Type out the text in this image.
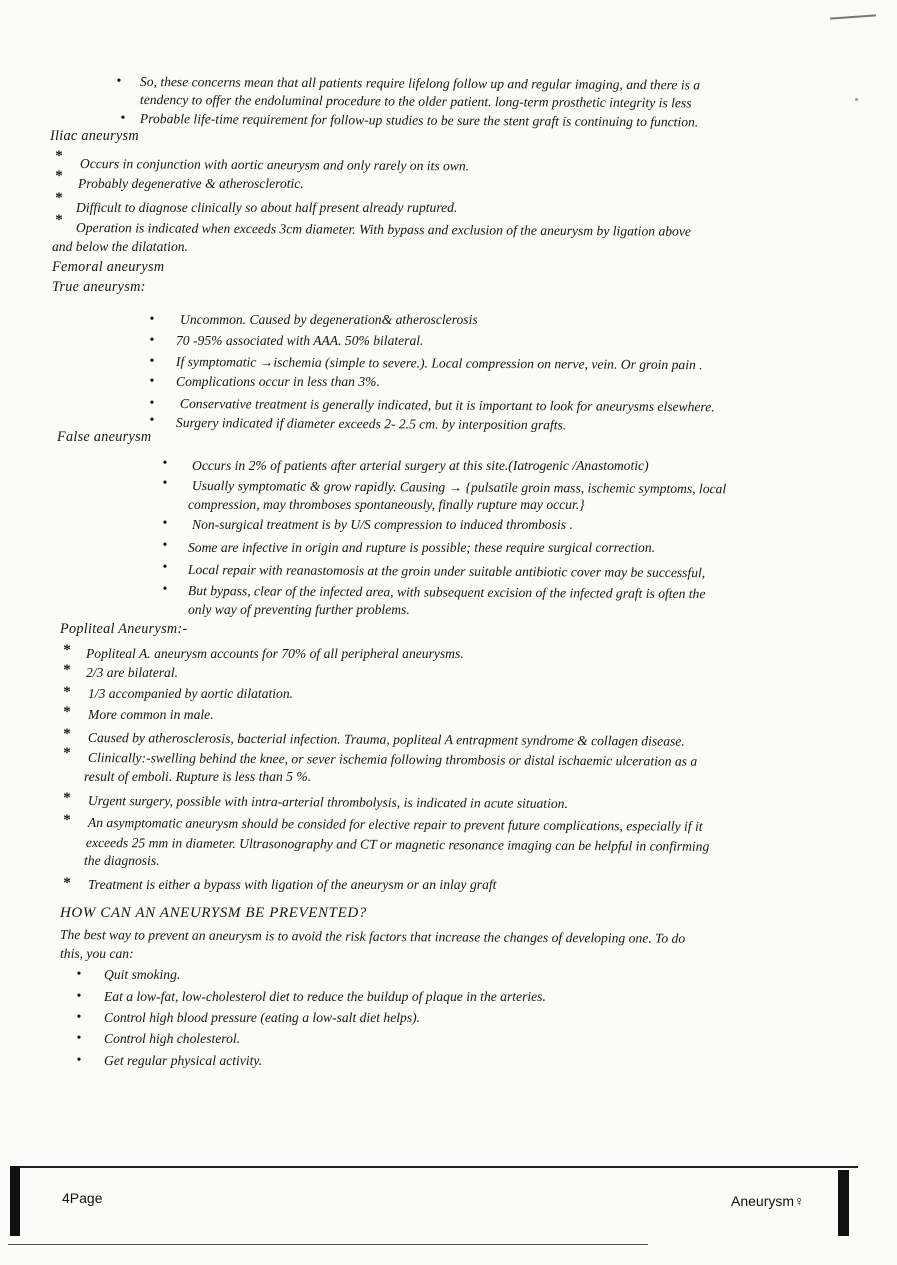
•	So, these concerns mean that all patients require lifelong follow up and regular imaging, and there is a
tendency to offer the endoluminal procedure to the older patient. long-term prosthetic integrity is less
•	Probable life-time requirement for follow-up studies to be sure the stent graft is continuing to function.
Iliac aneurysm
* Occurs in conjunction with aortic aneurysm and only rarely on its own.
* Probably degenerative & atherosclerotic.
*
Difficult to diagnose clinically so about half present already ruptured.
* Operation is indicated when exceeds 3cm diameter. With bypass and exclusion of the aneurysm by ligation above
and below the dilatation.
Femoral aneurysm
True aneurysm:
•	Uncommon. Caused by degeneration& atherosclerosis
•	70 -95% associated with AAA. 50% bilateral.
•	If symptomatic →ischemia (simple to severe.). Local compression on nerve, vein. Or groin pain .
•	Complications occur in less than 3%.
•	Conservative treatment is generally indicated, but it is important to look for aneurysms elsewhere.
•	Surgery indicated if diameter exceeds 2- 2.5 cm. by interposition grafts.
False aneurysm
•	Occurs in 2% of patients after arterial surgery at this site.(Iatrogenic /Anastomotic)
•	Usually symptomatic & grow rapidly. Causing → {pulsatile groin mass, ischemic symptoms, local
compression, may thromboses spontaneously, finally rupture may occur.}
•	Non-surgical treatment is by U/S compression to induced thrombosis .
•	Some are infective in origin and rupture is possible; these require surgical correction.
•	Local repair with reanastomosis at the groin under suitable antibiotic cover may be successful,
•	But bypass, clear of the infected area, with subsequent excision of the infected graft is often the
only way of preventing further problems.
Popliteal Aneurysm:-
* Popliteal A. aneurysm accounts for 70% of all peripheral aneurysms.
* 2/3 are bilateral.
* 1/3 accompanied by aortic dilatation.
* More common in male.
* Caused by atherosclerosis, bacterial infection. Trauma, popliteal A entrapment syndrome & collagen disease.
* Clinically:-swelling behind the knee, or sever ischemia following thrombosis or distal ischaemic ulceration as a
result of emboli. Rupture is less than 5 %.
* Urgent surgery, possible with intra-arterial thrombolysis, is indicated in acute situation.
* An asymptomatic aneurysm should be consided for elective repair to prevent future complications, especially if it
exceeds 25 mm in diameter. Ultrasonography and CT or magnetic resonance imaging can be helpful in confirming
the diagnosis.
* Treatment is either a bypass with ligation of the aneurysm or an inlay graft
HOW CAN AN ANEURYSM BE PREVENTED?
The best way to prevent an aneurysm is to avoid the risk factors that increase the changes of developing one. To do
this, you can:
•	Quit smoking.
•	Eat a low-fat, low-cholesterol diet to reduce the buildup of plaque in the arteries.
•	Control high blood pressure (eating a low-salt diet helps).
•	Control high cholesterol.
•	Get regular physical activity.
4Page	Aneurysm♀
